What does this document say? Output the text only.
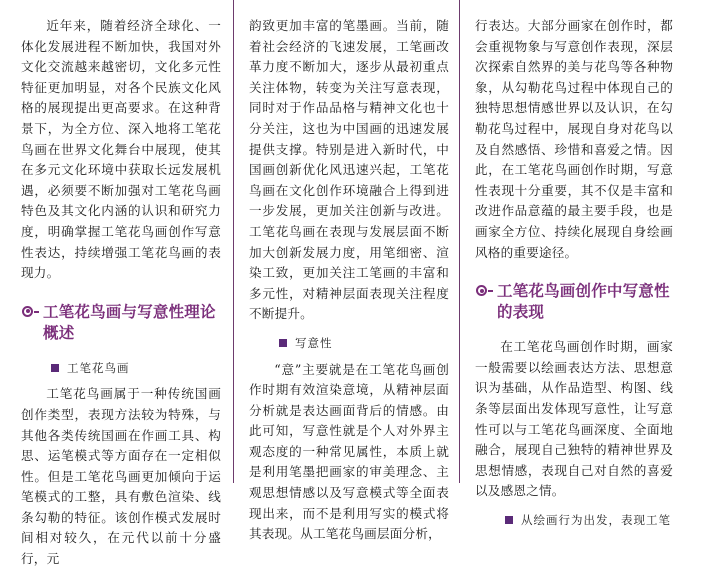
近年来，随着经济全球化、一体化发展进程不断加快，我国对外文化交流越来越密切，文化多元性特征更加明显，对各个民族文化风格的展现提出更高要求。在这种背景下，为全方位、深入地将工笔花鸟画在世界文化舞台中展现，使其在多元文化环境中获取长远发展机遇，必须要不断加强对工笔花鸟画特色及其文化内涵的认识和研究力度，明确掌握工笔花鸟画创作写意性表达，持续增强工笔花鸟画的表现力。

工笔花鸟画与写意性理论概述
工笔花鸟画

工笔花鸟画属于一种传统国画创作类型，表现方法较为特殊，与其他各类传统国画在作画工具、构思、运笔模式等方面存在一定相似性。但是工笔花鸟画更加倾向于运笔模式的工整，具有敷色渲染、线条勾勒的特征。该创作模式发展时间相对较久，在元代以前十分盛行，元

韵致更加丰富的笔墨画。当前，随着社会经济的飞速发展，工笔画改革力度不断加大，逐步从最初重点关注体物，转变为关注写意表现，同时对于作品品格与精神文化也十分关注，这也为中国画的迅速发展提供支撑。特别是进入新时代，中国画创新优化风迅速兴起，工笔花鸟画在文化创作环境融合上得到进一步发展，更加关注创新与改进。工笔花鸟画在表现与发展层面不断加大创新发展力度，用笔细密、渲染工致，更加关注工笔画的丰富和多元性，对精神层面表现关注程度不断提升。

写意性

“意”主要就是在工笔花鸟画创作时期有效渲染意境，从精神层面分析就是表达画面背后的情感。由此可知，写意性就是个人对外界主观态度的一种常见属性，本质上就是利用笔墨把画家的审美理念、主观思想情感以及写意模式等全面表现出来，而不是利用写实的模式将其表现。从工笔花鸟画层面分析，

行表达。大部分画家在创作时，都会重视物象与写意创作表现，深层次探索自然界的美与花鸟等各种物象，从勾勒花鸟过程中体现自己的独特思想情感世界以及认识，在勾勒花鸟过程中，展现自身对花鸟以及自然感悟、珍惜和喜爱之情。因此，在工笔花鸟画创作时期，写意性表现十分重要，其不仅是丰富和改进作品意蕴的最主要手段，也是画家全方位、持续化展现自身绘画风格的重要途径。

工笔花鸟画创作中写意性的表现

在工笔花鸟画创作时期，画家一般需要以绘画表达方法、思想意识为基础，从作品造型、构图、线条等层面出发体现写意性，让写意性可以与工笔花鸟画深度、全面地融合，展现自己独特的精神世界及思想情感，表现自己对自然的喜爱以及感恩之情。

从绘画行为出发，表现工笔
